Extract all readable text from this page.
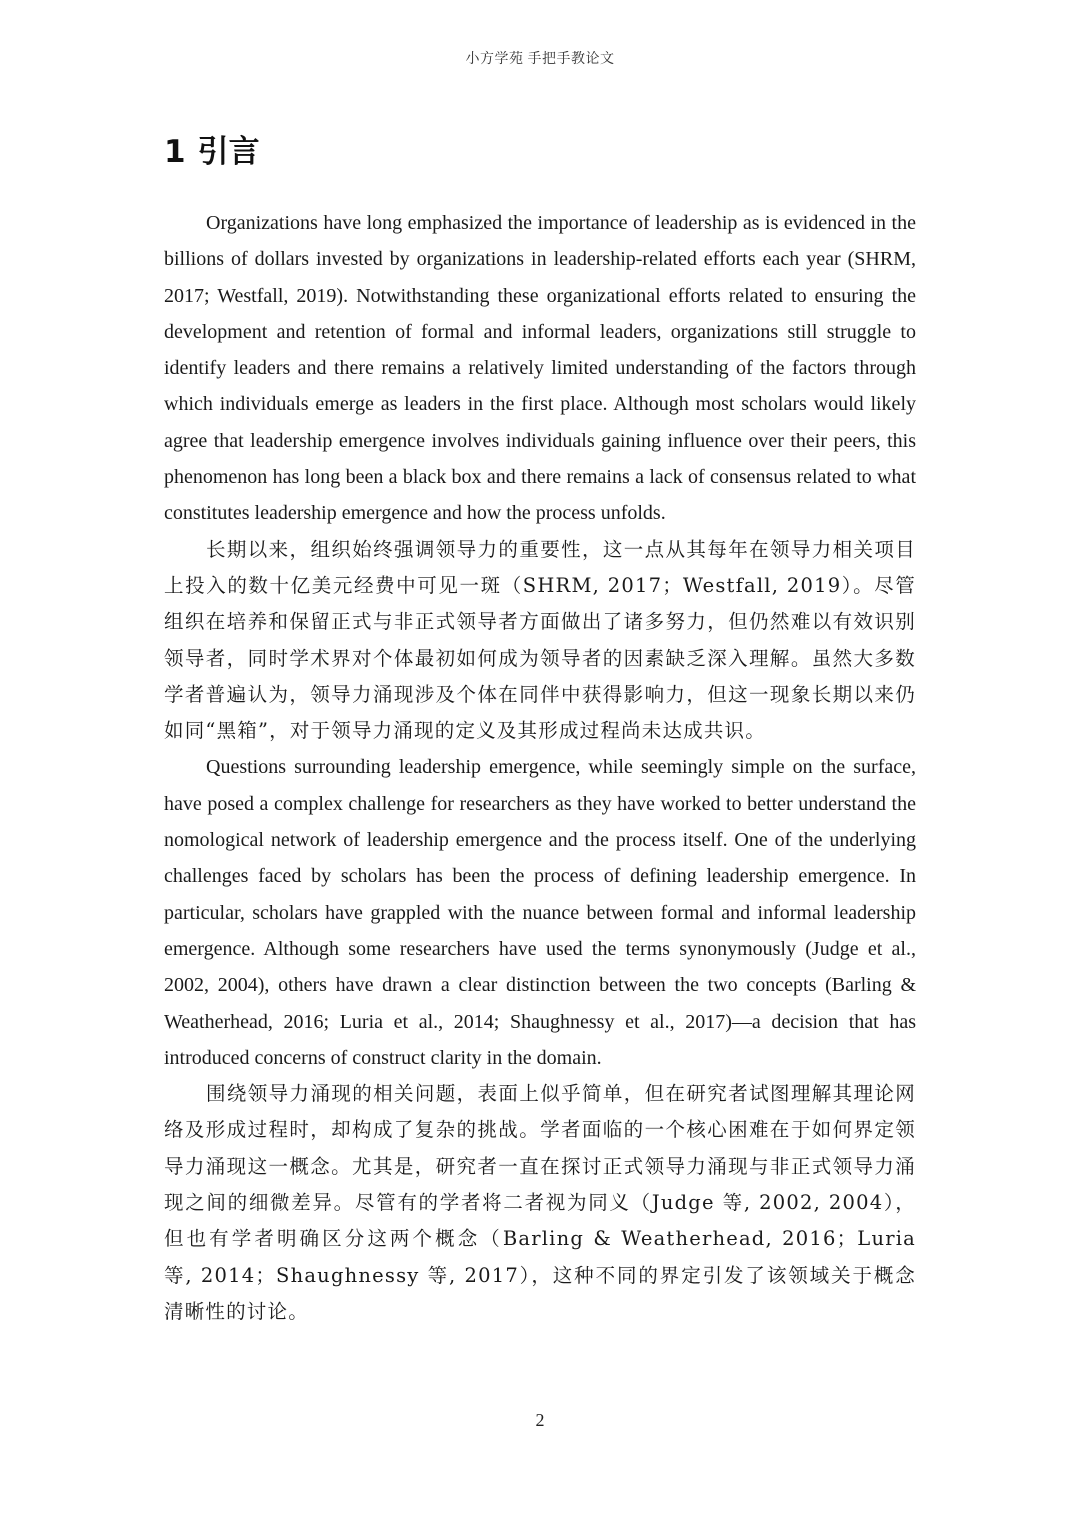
小方学苑 手把手教论文
1 引言

Organizations have long emphasized the importance of leadership as is evidenced in the billions of dollars invested by organizations in leadership-related efforts each year (SHRM, 2017; Westfall, 2019). Notwithstanding these organizational efforts related to ensuring the development and retention of formal and informal leaders, organizations still struggle to identify leaders and there remains a relatively limited understanding of the factors through which individuals emerge as leaders in the first place. Although most scholars would likely agree that leadership emergence involves individuals gaining influence over their peers, this phenomenon has long been a black box and there remains a lack of consensus related to what constitutes leadership emergence and how the process unfolds.

长期以来，组织始终强调领导力的重要性，这一点从其每年在领导力相关项目上投入的数十亿美元经费中可见一斑（SHRM, 2017；Westfall, 2019）。尽管组织在培养和保留正式与非正式领导者方面做出了诸多努力，但仍然难以有效识别领导者，同时学术界对个体最初如何成为领导者的因素缺乏深入理解。虽然大多数学者普遍认为，领导力涌现涉及个体在同伴中获得影响力，但这一现象长期以来仍如同“黑箱”，对于领导力涌现的定义及其形成过程尚未达成共识。

Questions surrounding leadership emergence, while seemingly simple on the surface, have posed a complex challenge for researchers as they have worked to better understand the nomological network of leadership emergence and the process itself. One of the underlying challenges faced by scholars has been the process of defining leadership emergence. In particular, scholars have grappled with the nuance between formal and informal leadership emergence. Although some researchers have used the terms synonymously (Judge et al., 2002, 2004), others have drawn a clear distinction between the two concepts (Barling & Weatherhead, 2016; Luria et al., 2014; Shaughnessy et al., 2017)—a decision that has introduced concerns of construct clarity in the domain.

围绕领导力涌现的相关问题，表面上似乎简单，但在研究者试图理解其理论网络及形成过程时，却构成了复杂的挑战。学者面临的一个核心困难在于如何界定领导力涌现这一概念。尤其是，研究者一直在探讨正式领导力涌现与非正式领导力涌现之间的细微差异。尽管有的学者将二者视为同义（Judge 等, 2002, 2004），但也有学者明确区分这两个概念（Barling & Weatherhead, 2016；Luria 等, 2014；Shaughnessy 等, 2017），这种不同的界定引发了该领域关于概念清晰性的讨论。

2
